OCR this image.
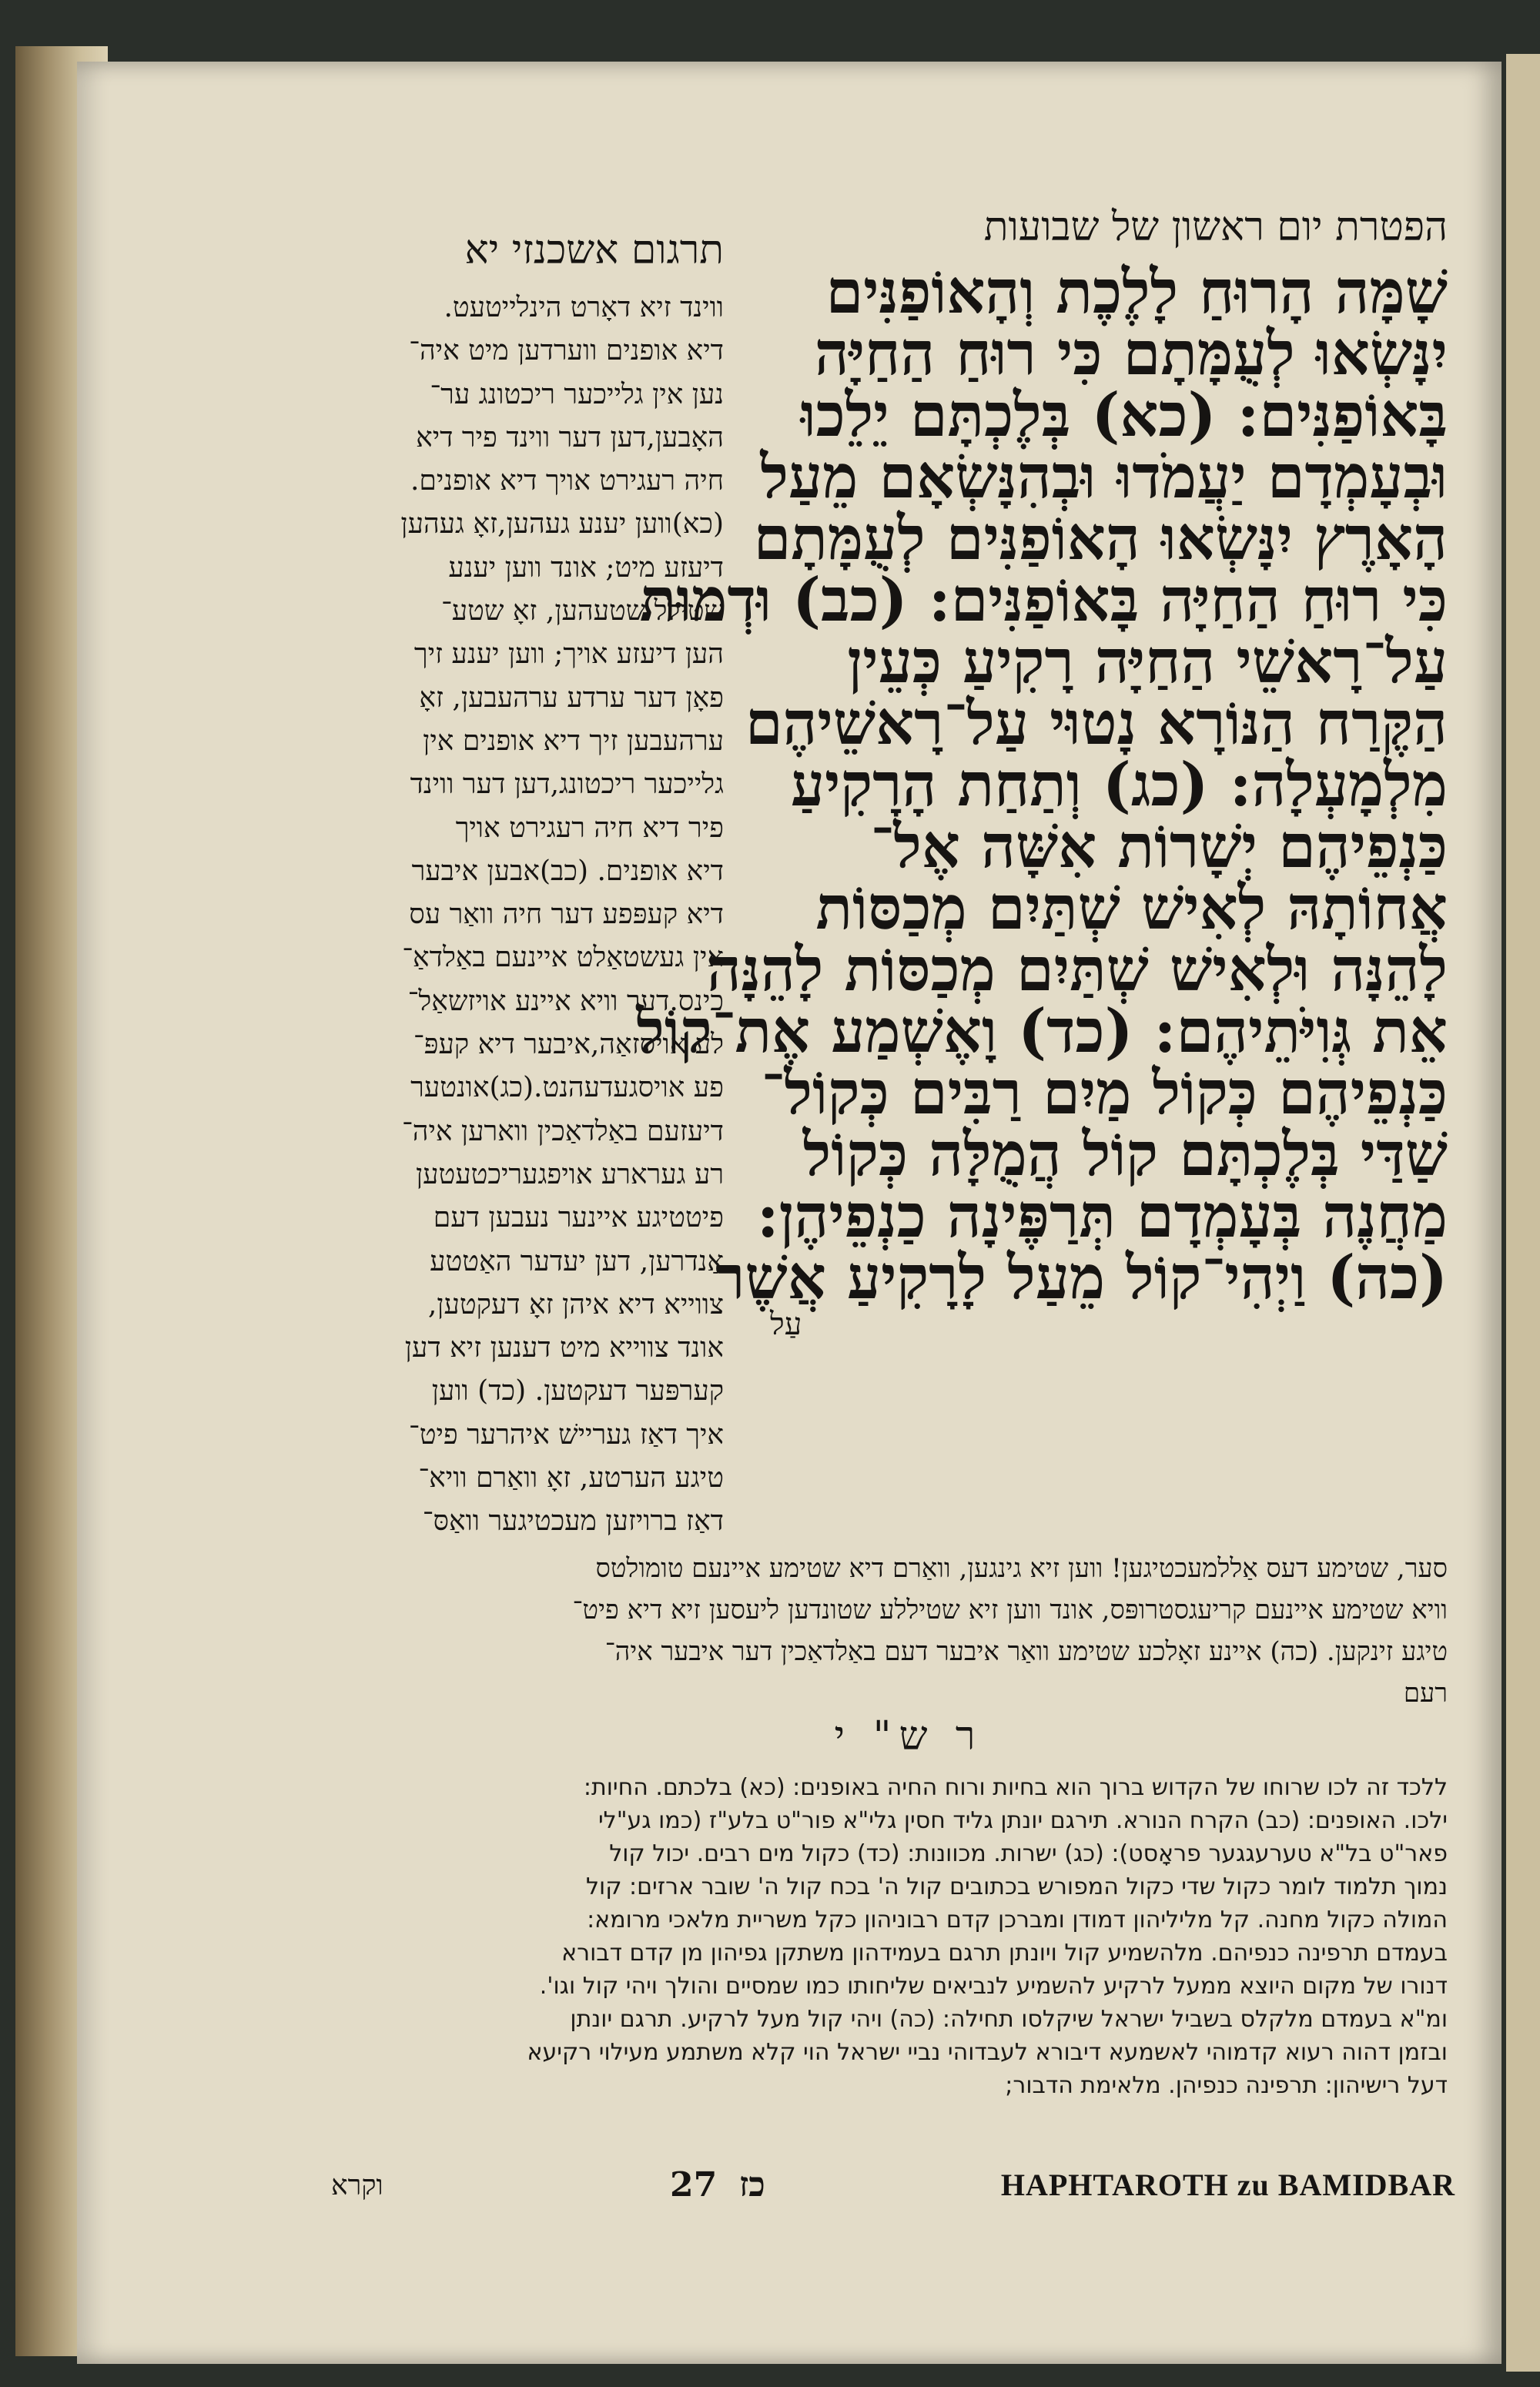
הפטרת יום ראשון של שבועות
שָׁמָּה הָרוּחַ לָלֶכֶת וְהָאוֹפַנִּים
יִנָּשְׂאוּ לְעֻמָּתָם כִּי רוּחַ הַחַיָּה
בָּאוֹפַנִּים: (כא) בְּלֶכְתָּם יֵלֵכוּ
וּבְעָמְדָם יַעֲמֹדוּ וּבְהִנָּשְׂאָם מֵעַל
הָאָרֶץ יִנָּשְׂאוּ הָאוֹפַנִּים לְעֻמָּתָם
כִּי רוּחַ הַחַיָּה בָּאוֹפַנִּים: (כב) וּדְמוּת
עַל־רָאשֵׁי הַחַיָּה רָקִיעַ כְּעֵין
הַקֶּרַח הַנּוֹרָא נָטוּי עַל־רָאשֵׁיהֶם
מִלְמָעְלָה: (כג) וְתַחַת הָרָקִיעַ
כַּנְפֵיהֶם יְשָׁרוֹת אִשָּׁה אֶל־
אֲחוֹתָהּ לְאִישׁ שְׁתַּיִם מְכַסּוֹת
לָהֵנָּה וּלְאִישׁ שְׁתַּיִם מְכַסּוֹת לָהֵנָּה
אֵת גְּוִיֹּתֵיהֶם: (כד) וָאֶשְׁמַע אֶת־קוֹל
כַּנְפֵיהֶם כְּקוֹל מַיִם רַבִּים כְּקוֹל־
שַׁדַּי בְּלֶכְתָּם קוֹל הֲמֻלָּה כְּקוֹל
מַחֲנֶה בְּעָמְדָם תְּרַפֶּינָה כַנְפֵיהֶן:
(כה) וַיְהִי־קוֹל מֵעַל לָרָקִיעַ אֲשֶׁר
עַל
תרגום אשכנזי יא
ווינד זיא דאָרט הינלייטעט.
דיא אופנים ווערדען מיט איה־
נען אין גלייכער ריכטונג ער־
האָבען,דען דער ווינד פיר דיא
חיה רעגירט אויך דיא אופנים.
(כא)ווען יענע געהען,זאָ געהען
דיעזע מיט; אונד ווען יענע
שטילל שטעהען, זאָ שטע־
הען דיעזע אויך; ווען יענע זיך
פאָן דער ערדע ערהעבען, זאָ
ערהעבען זיך דיא אופנים אין
גלייכער ריכטונג,דען דער ווינד
פיר דיא חיה רעגירט אויך
דיא אופנים. (כב)אבען איבער
דיא קעפּפע דער חיה וואַר עס
אין געשטאַלט איינעם באַלדאַ־
כינס.דער וויא איינע אויזשאַל־
לע אויסזאַה,איבער דיא קעפּ־
פע אויסגעדעהנט.(כג)אונטער
דיעזעם באַלדאַכין ווארען איה־
רע גערארע אויפגעריכטעטען
פיטטיגע איינער נעבען דעם
אַנדרען, דען יעדער האַטטע
צווייא דיא איהן זאָ דעקטען,
אונד צווייא מיט דענען זיא דען
קערפּער דעקטען. (כד) ווען
איך דאַז געריישׁ איהרער פיט־
טיגע הערטע, זאָ וואַרם וויא־
דאַז ברויזען מעכטיגער וואַסּ־
סער, שטימע דעס אַללמעכטיגען! ווען זיא גינגען, וואַרם דיא שטימע איינעם טומולטס
וויא שטימע איינעם קריעגסטרופּס, אונד ווען זיא שטיללע שטונדען ליעסען זיא דיא פיט־
טיגע זינקען. (כה) איינע זאָלכע שטימע וואַר איבער דעם באַלדאַכין דער איבער איה־
רעם
ר ש" י
ללכד זה לכו שרוחו של הקדוש ברוך הוא בחיות ורוח החיה באופנים: (כא) בלכתם. החיות:
ילכו. האופנים: (כב) הקרח הנורא. תירגם יונתן גליד חסין גלי"א פור"ט בלע"ז (כמו גע"לי
פאר"ט בל"א טערעגגער פראָסט): (כג) ישרות. מכוונות: (כד) כקול מים רבים. יכול קול
נמוך תלמוד לומר כקול שדי כקול המפורש בכתובים קול ה' בכח קול ה' שובר ארזים: קול
המולה כקול מחנה. קל מליליהון דמודן ומברכן קדם רבוניהון כקל משריית מלאכי מרומא:
בעמדם תרפינה כנפיהם. מלהשמיע קול ויונתן תרגם בעמידהון משתקן גפיהון מן קדם דבורא
דנורו של מקום היוצא ממעל לרקיע להשמיע לנביאים שליחותו כמו שמסיים והולך ויהי קול וגו'.
ומ"א בעמדם מלקלס בשביל ישראל שיקלסו תחילה: (כה) ויהי קול מעל לרקיע. תרגם יונתן
ובזמן דהוה רעוא קדמוהי לאשמעא דיבורא לעבדוהי נביי ישראל הוי קלא משתמע מעילוי רקיעא
דעל רישיהון: תרפינה כנפיהן. מלאימת הדבור;
וקרא	27 כז	HAPHTAROTH zu BAMIDBAR
